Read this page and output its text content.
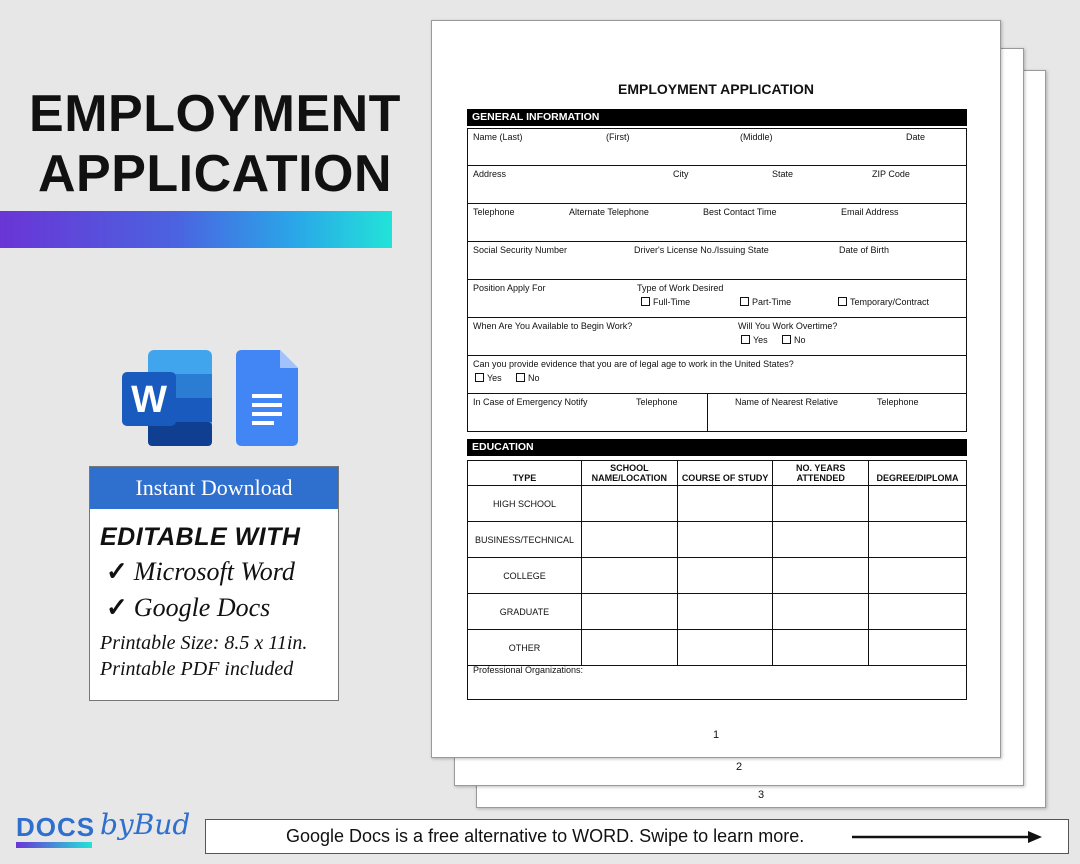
EMPLOYMENT
APPLICATION
W
Instant Download
EDITABLE WITH
✓ Microsoft Word
✓ Google Docs
Printable Size: 8.5 x 11in.
Printable PDF included
DOCS byBud	Google Docs is a free alternative to WORD. Swipe to learn more.
3
2
EMPLOYMENT APPLICATION
GENERAL INFORMATION
Name (Last)	(First)	(Middle)	Date
Address	City	State	ZIP Code
Telephone	Alternate Telephone	Best Contact Time	Email Address
Social Security Number	Driver's License No./Issuing State	Date of Birth
Position Apply For	Type of Work Desired
Full-Time	Part-Time	Temporary/Contract
When Are You Available to Begin Work?	Will You Work Overtime?
Yes	No
Can you provide evidence that you are of legal age to work in the United States?
Yes	No
In Case of Emergency Notify	Telephone	Name of Nearest Relative	Telephone
EDUCATION
TYPE	SCHOOL NAME/LOCATION	COURSE OF STUDY	NO. YEARS ATTENDED	DEGREE/DIPLOMA
HIGH SCHOOL				
BUSINESS/TECHNICAL				
COLLEGE				
GRADUATE				
OTHER				
Professional Organizations:
1
